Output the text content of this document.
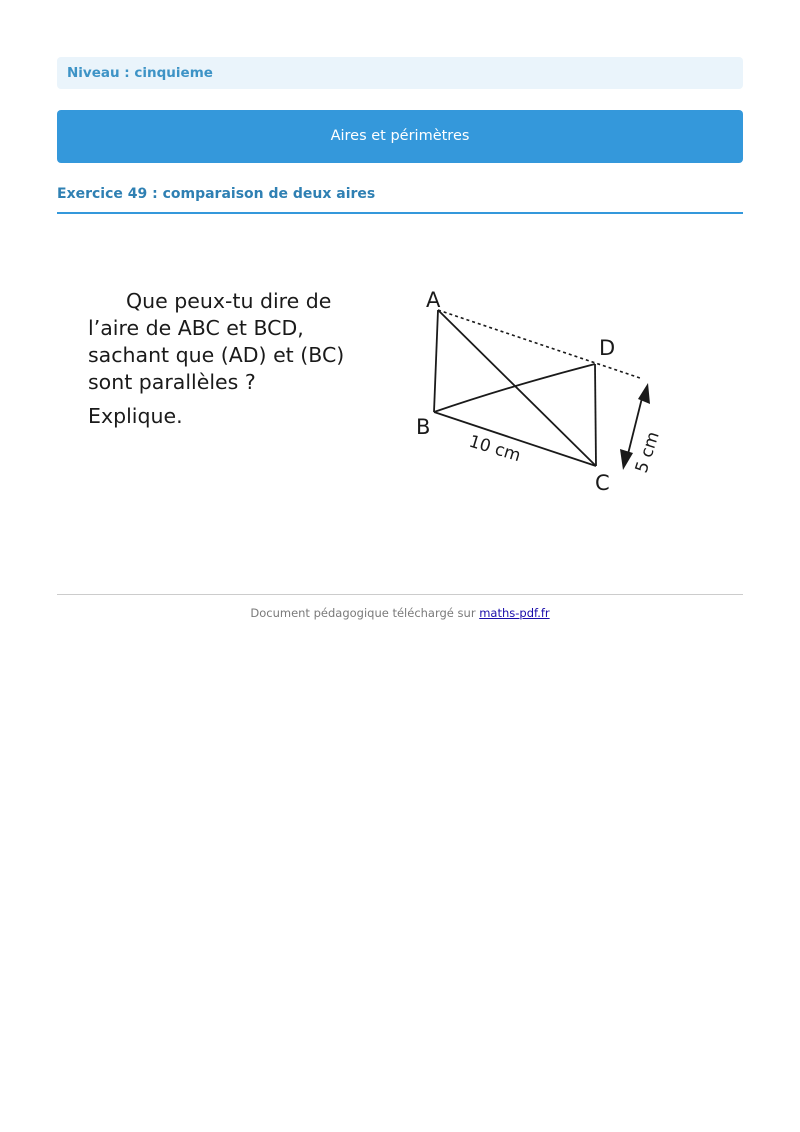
Niveau : cinquieme
Aires et périmètres
Exercice 49 : comparaison de deux aires
Que peux-tu dire de
l’aire de ABC et BCD,
sachant que (AD) et (BC)
sont parallèles ?
Explique.
A
D
B
C
10 cm	5 cm
Document pédagogique téléchargé sur maths-pdf.fr
